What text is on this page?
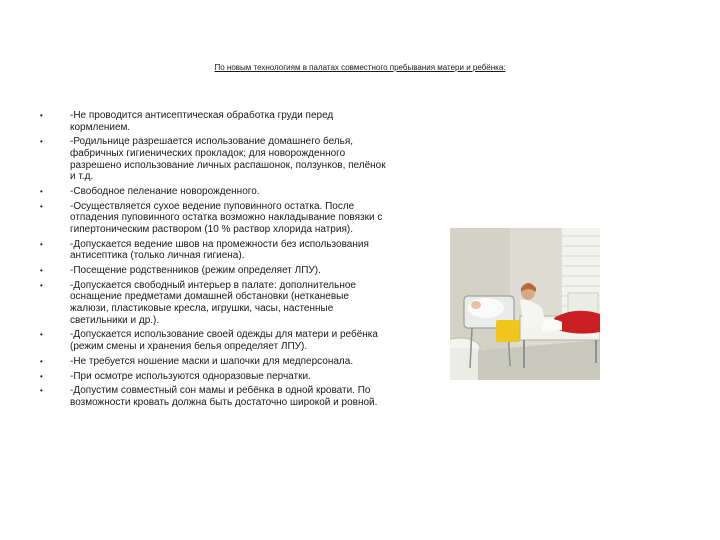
По новым технологиям в палатах совместного пребывания матери и ребёнка:
•	-Не проводится антисептическая обработка груди перед кормлением.
•	-Родильнице разрешается использование домашнего белья, фабричных гигиенических прокладок; для новорожденного разрешено использование личных распашонок, ползунков, пелёнок и т.д.
•	-Свободное пеленание новорожденного.
•	-Осуществляется сухое ведение пуповинного остатка. После отпадения пуповинного остатка возможно накладывание повязки с гипертоническим раствором (10 % раствор хлорида натрия).
•	-Допускается ведение швов на промежности без использования антисептика (только личная гигиена).
•	-Посещение родственников (режим определяет ЛПУ).
•	-Допускается свободный интерьер в палате: дополнительное оснащение предметами домашней обстановки (нетканевые жалюзи, пластиковые кресла, игрушки, часы, настенные светильники и др.).
•	-Допускается использование своей одежды для матери и ребёнка (режим смены и хранения белья определяет ЛПУ).
•	-Не требуется ношение маски и шапочки для медперсонала.
•	-При осмотре используются одноразовые перчатки.
•	-Допустим совместный сон мамы и ребёнка в одной кровати. По возможности кровать должна быть достаточно широкой и ровной.
